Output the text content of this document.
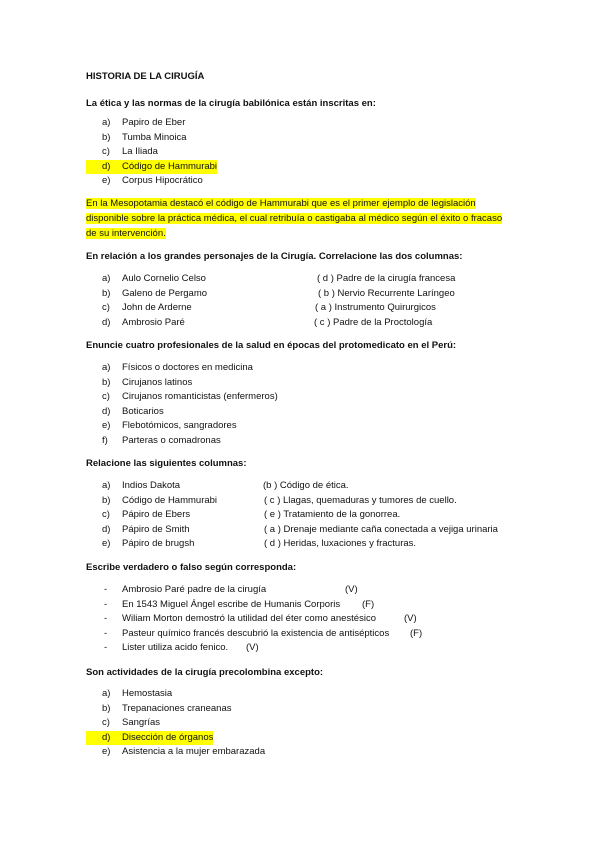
HISTORIA DE LA CIRUGÍA
La ética y las normas de la cirugía babilónica están inscritas en:
a)	Papiro de Eber
b)	Tumba Minoica
c)	La Iliada
d)	Código de Hammurabi
e)	Corpus Hipocrático
En la Mesopotamia destacó el código de Hammurabi que es el primer ejemplo de legislación disponible sobre la práctica médica, el cual retribuía o castigaba al médico según el éxito o fracaso de su intervención.
En relación a los grandes personajes de la Cirugía. Correlacione las dos columnas:
a) Aulo Cornelio Celso	( d ) Padre de la cirugía francesa
b) Galeno de Pergamo	( b ) Nervio Recurrente Laríngeo
c) John de Arderne	( a ) Instrumento Quirurgicos
d) Ambrosio Paré	( c ) Padre de la Proctología
Enuncie cuatro profesionales de la salud en épocas del protomedicato en el Perú:
a)	Físicos o doctores en medicina
b)	Cirujanos latinos
c)	Cirujanos romanticistas (enfermeros)
d)	Boticarios
e)	Flebotómicos, sangradores
f)	Parteras o comadronas
Relacione las siguientes columnas:
a) Indios Dakota	(b ) Código de ética.
b) Código de Hammurabi	( c ) Llagas, quemaduras y tumores de cuello.
c) Pápiro de Ebers	( e ) Tratamiento de la gonorrea.
d) Pápiro de Smith	( a ) Drenaje mediante caña conectada a vejiga urinaria
e) Pápiro de brugsh	( d ) Heridas, luxaciones y fracturas.
Escribe verdadero o falso según corresponda:
- Ambrosio Paré padre de la cirugía	(V)
- En 1543 Miguel Ángel escribe de Humanis Corporis (F)
- Wiliam Morton demostró la utilidad del éter como anestésico	(V)
- Pasteur químico francés descubrió la existencia de antisépticos (F)
- Lister utiliza acido fenico. (V)
Son actividades de la cirugía precolombina excepto:
a)	Hemostasia
b)	Trepanaciones craneanas
c)	Sangrías
d)	Disección de órganos
e)	Asistencia a la mujer embarazada
